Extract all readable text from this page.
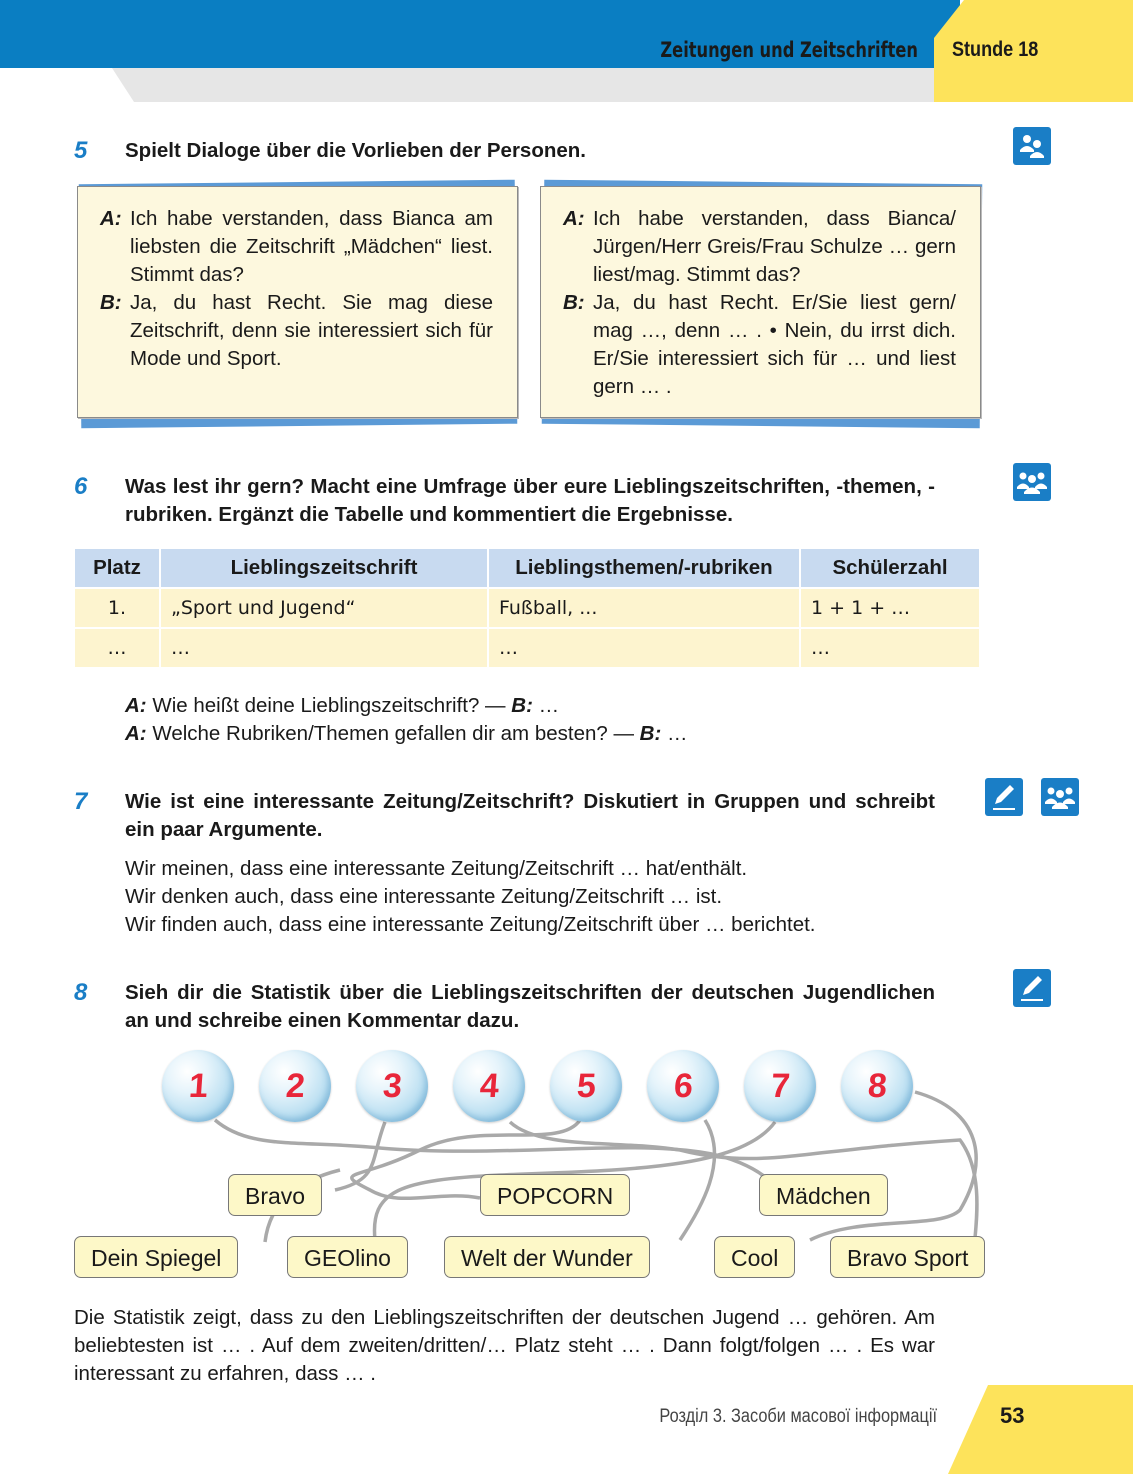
Zeitungen und Zeitschriften Stunde 18
5 Spielt Dialoge über die Vorlieben der Personen.
A: Ich habe verstanden, dass Bianca am liebsten die Zeitschrift „Mädchen“ liest. Stimmt das?
B: Ja, du hast Recht. Sie mag diese Zeitschrift, denn sie interessiert sich für Mode und Sport.
A: Ich habe verstanden, dass Bianca/ Jürgen/Herr Greis/Frau Schulze … gern liest/mag. Stimmt das?
B: Ja, du hast Recht. Er/Sie liest gern/ mag …, denn … . • Nein, du irrst dich. Er/Sie interessiert sich für … und liest gern … .
6 Was lest ihr gern? Macht eine Umfrage über eure Lieblingszeitschriften, -themen, -rubriken. Ergänzt die Tabelle und kommentiert die Ergebnisse.
Platz	Lieblingszeitschrift	Lieblingsthemen/-rubriken	Schülerzahl
1.	„Sport und Jugend“	Fußball, ...	1 + 1 + …
…	…	…	…
A: Wie heißt deine Lieblingszeitschrift? — B: …
A: Welche Rubriken/Themen gefallen dir am besten? — B: …
7 Wie ist eine interessante Zeitung/Zeitschrift? Diskutiert in Gruppen und schreibt ein paar Argumente.
Wir meinen, dass eine interessante Zeitung/Zeitschrift … hat/enthält.
Wir denken auch, dass eine interessante Zeitung/Zeitschrift … ist.
Wir finden auch, dass eine interessante Zeitung/Zeitschrift über … berichtet.
8 Sieh dir die Statistik über die Lieblingszeitschriften der deutschen Jugendlichen an und schreibe einen Kommentar dazu.
1 2 3 4 5 6 7 8
Bravo	POPCORN	Mädchen
Dein Spiegel	GEOlino	Welt der Wunder	Cool	Bravo Sport
Die Statistik zeigt, dass zu den Lieblingszeitschriften der deutschen Jugend … gehören. Am beliebtesten ist … . Auf dem zweiten/dritten/… Platz steht … . Dann folgt/folgen … . Es war interessant zu erfahren, dass … .
Розділ 3. Засоби масової інформації	53
